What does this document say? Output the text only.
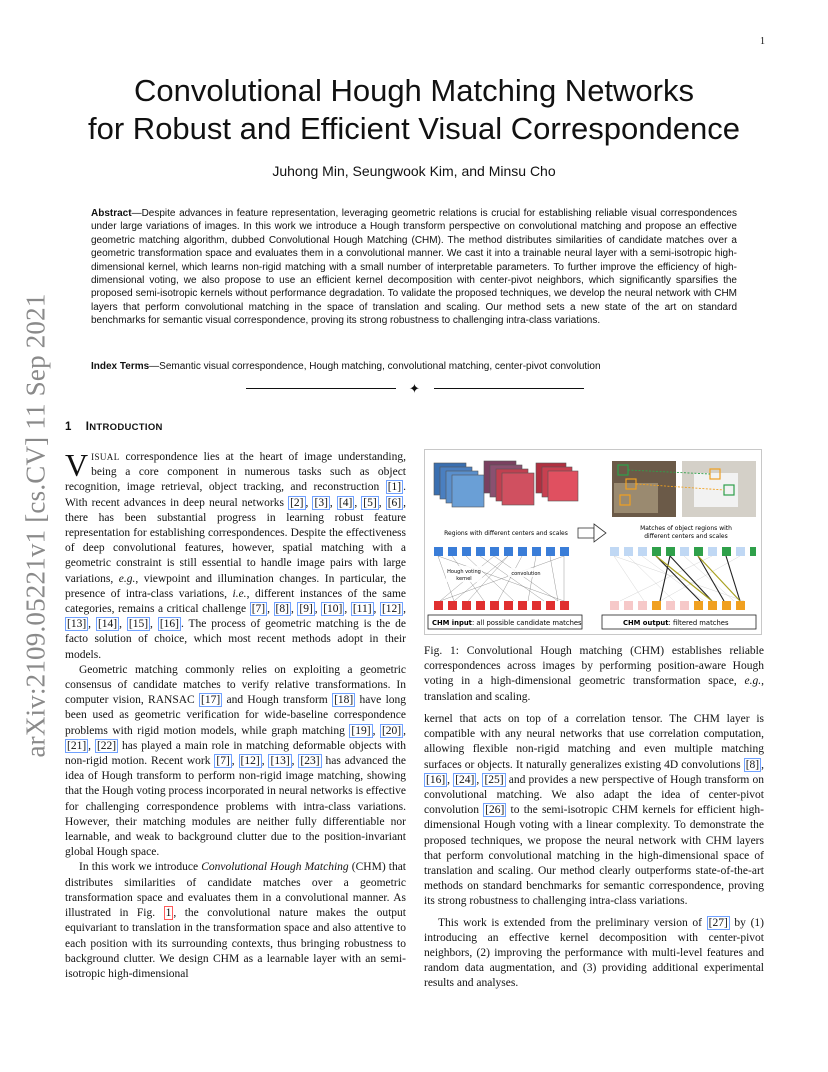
1
arXiv:2109.05221v1 [cs.CV] 11 Sep 2021
Convolutional Hough Matching Networks
for Robust and Efficient Visual Correspondence
Juhong Min, Seungwook Kim, and Minsu Cho

Abstract—Despite advances in feature representation, leveraging geometric relations is crucial for establishing reliable visual correspondences under large variations of images. In this work we introduce a Hough transform perspective on convolutional matching and propose an effective geometric matching algorithm, dubbed Convolutional Hough Matching (CHM). The method distributes similarities of candidate matches over a geometric transformation space and evaluates them in a convolutional manner. We cast it into a trainable neural layer with a semi-isotropic high-dimensional kernel, which learns non-rigid matching with a small number of interpretable parameters. To further improve the efficiency of high-dimensional voting, we also propose to use an efficient kernel decomposition with center-pivot neighbors, which significantly sparsifies the proposed semi-isotropic kernels without performance degradation. To validate the proposed techniques, we develop the neural network with CHM layers that perform convolutional matching in the space of translation and scaling. Our method sets a new state of the art on standard benchmarks for semantic visual correspondence, proving its strong robustness to challenging intra-class variations.

Index Terms—Semantic visual correspondence, Hough matching, convolutional matching, center-pivot convolution

✦
1 INTRODUCTION

VISUAL correspondence lies at the heart of image understanding, being a core component in numerous tasks such as object recognition, image retrieval, object tracking, and reconstruction [1] . With recent advances in deep neural networks [2] , [3] , [4] , [5] , [6] , there has been substantial progress in learning robust feature representation for establishing correspondences. Despite the effectiveness of deep convolutional features, however, spatial matching with a geometric constraint is still essential to handle image pairs with large variations, e.g., viewpoint and illumination changes. In particular, the presence of intra-class variations, i.e., different instances of the same categories, remains a critical challenge [7] , [8] , [9] , [10] , [11] , [12] , [13] , [14] , [15] , [16] . The process of geometric matching is the de facto solution of choice, which most recent methods adopt in their models.

Geometric matching commonly relies on exploiting a geometric consensus of candidate matches to verify relative transformations. In computer vision, RANSAC [17] and Hough transform [18] have long been used as geometric verification for wide-baseline correspondence problems with rigid motion models, while graph matching [19] , [20] , [21] , [22] has played a main role in matching deformable objects with non-rigid motion. Recent work [7] , [12] , [13] , [23] has advanced the idea of Hough transform to perform non-rigid image matching, showing that the Hough voting process incorporated in neural networks is effective for challenging correspondence problems with intra-class variations. However, their matching modules are neither fully differentiable nor learnable, and weak to background clutter due to the position-invariant global Hough space.

In this work we introduce Convolutional Hough Matching (CHM) that distributes similarities of candidate matches over a geometric transformation space and evaluates them in a convolutional manner. As illustrated in Fig. 1 , the convolutional nature makes the output equivariant to translation in the transformation space and also attentive to each position with its surrounding contexts, thus bringing robustness to background clutter. We design CHM as a learnable layer with an semi-isotropic high-dimensional

Regions with different centers and scales
Matches of object regions with
different centers and scales
Hough voting
kernel
convolution
CHM input: all possible candidate matches	CHM output: filtered matches

Fig. 1: Convolutional Hough matching (CHM) establishes reliable correspondences across images by performing position-aware Hough voting in a high-dimensional geometric transformation space, e.g., translation and scaling.

kernel that acts on top of a correlation tensor. The CHM layer is compatible with any neural networks that use correlation computation, allowing flexible non-rigid matching and even multiple matching surfaces or objects. It naturally generalizes existing 4D convolutions [8] , [16] , [24] , [25] and provides a new perspective of Hough transform on convolutional matching. We also adapt the idea of center-pivot convolution [26] to the semi-isotropic CHM kernels for efficient high-dimensional Hough voting with a linear complexity. To demonstrate the proposed techniques, we propose the neural network with CHM layers that perform convolutional matching in the high-dimensional space of translation and scaling. Our method clearly outperforms state-of-the-art methods on standard benchmarks for semantic correspondence, proving its strong robustness to challenging intra-class variations.

This work is extended from the preliminary version of [27] by (1) introducing an effective kernel decomposition with center-pivot neighbors, (2) improving the performance with multi-level features and random data augmentation, and (3) providing additional experimental results and analyses.
